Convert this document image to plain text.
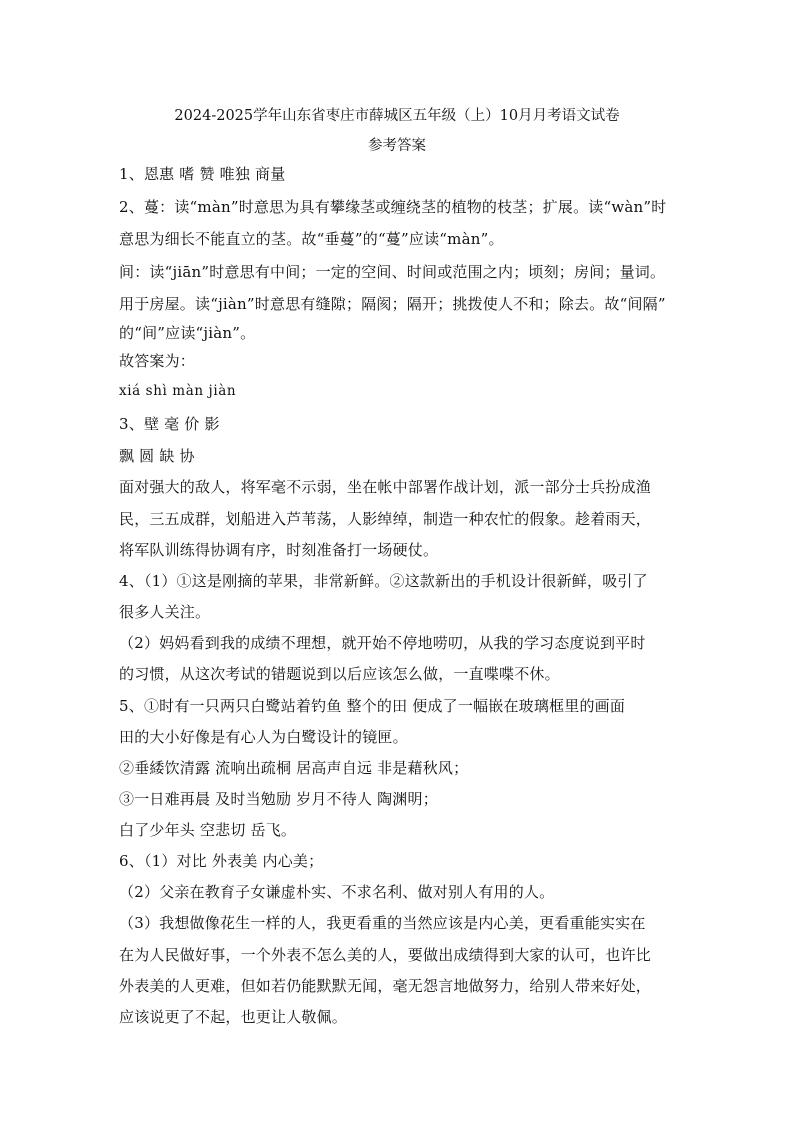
2024-2025学年山东省枣庄市薛城区五年级（上）10月月考语文试卷
参考答案
1、恩惠 嗜 赞 唯独 商量
2、蔓：读“màn”时意思为具有攀缘茎或缠绕茎的植物的枝茎；扩展。读“wàn”时
意思为细长不能直立的茎。故“垂蔓”的“蔓”应读“màn”。
间：读“jiān”时意思有中间；一定的空间、时间或范围之内；顷刻；房间；量词。
用于房屋。读“jiàn”时意思有缝隙；隔阂；隔开；挑拨使人不和；除去。故“间隔”
的“间”应读“jiàn”。
故答案为：
xiá shì màn jiàn
3、壁 毫 价 影
飘 圆 缺 协
面对强大的敌人，将军毫不示弱，坐在帐中部署作战计划，派一部分士兵扮成渔
民，三五成群，划船进入芦苇荡，人影绰绰，制造一种农忙的假象。趁着雨天，
将军队训练得协调有序，时刻准备打一场硬仗。
4、（1）①这是刚摘的苹果，非常新鲜。②这款新出的手机设计很新鲜，吸引了
很多人关注。
（2）妈妈看到我的成绩不理想，就开始不停地唠叨，从我的学习态度说到平时
的习惯，从这次考试的错题说到以后应该怎么做，一直喋喋不休。
5、①时有一只两只白鹭站着钓鱼 整个的田 便成了一幅嵌在玻璃框里的画面
田的大小好像是有心人为白鹭设计的镜匣。
②垂緌饮清露 流响出疏桐 居高声自远 非是藉秋风；
③一日难再晨 及时当勉励 岁月不待人 陶渊明；
白了少年头 空悲切 岳飞。
6、（1）对比 外表美 内心美；
（2）父亲在教育子女谦虚朴实、不求名利、做对别人有用的人。
（3）我想做像花生一样的人，我更看重的当然应该是内心美，更看重能实实在
在为人民做好事，一个外表不怎么美的人，要做出成绩得到大家的认可，也许比
外表美的人更难，但如若仍能默默无闻，毫无怨言地做努力，给别人带来好处，
应该说更了不起，也更让人敬佩。
